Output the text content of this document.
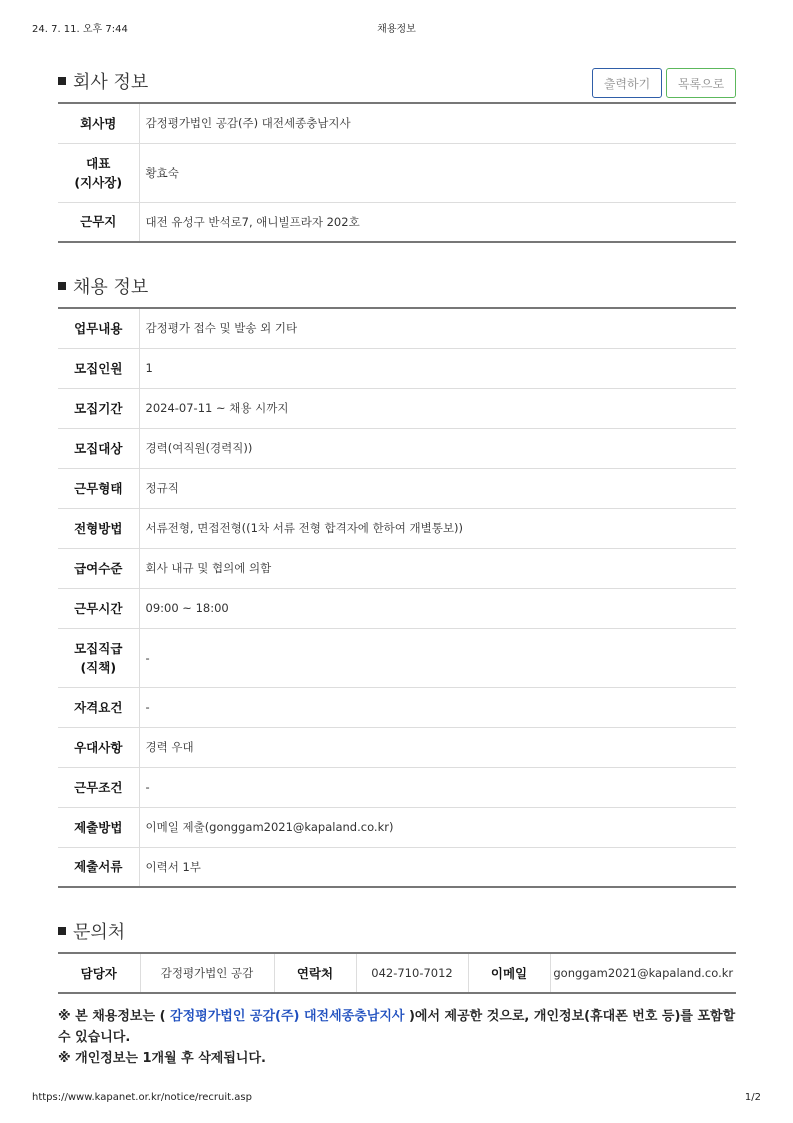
24. 7. 11. 오후 7:44	채용정보
회사 정보	출력하기	목록으로
회사명	감정평가법인 공감(주) 대전세종충남지사
대표
(지사장)	황효숙
근무지	대전 유성구 반석로7, 애니빌프라자 202호
채용 정보
업무내용	감정평가 접수 및 발송 외 기타
모집인원	1
모집기간	2024-07-11 ~ 채용 시까지
모집대상	경력(여직원(경력직))
근무형태	정규직
전형방법	서류전형, 면접전형((1차 서류 전형 합격자에 한하여 개별통보))
급여수준	회사 내규 및 협의에 의함
근무시간	09:00 ~ 18:00
모집직급
(직책)	-
자격요건	-
우대사항	경력 우대
근무조건	-
제출방법	이메일 제출(gonggam2021@kapaland.co.kr)
제출서류	이력서 1부
문의처
담당자	감정평가법인 공감	연락처	042-710-7012	이메일	gonggam2021@kapaland.co.kr
※ 본 채용정보는 ( 감정평가법인 공감(주) 대전세종충남지사 )에서 제공한 것으로, 개인정보(휴대폰 번호 등)를 포함할 수 있습니다.
※ 개인정보는 1개월 후 삭제됩니다.
https://www.kapanet.or.kr/notice/recruit.asp	1/2
